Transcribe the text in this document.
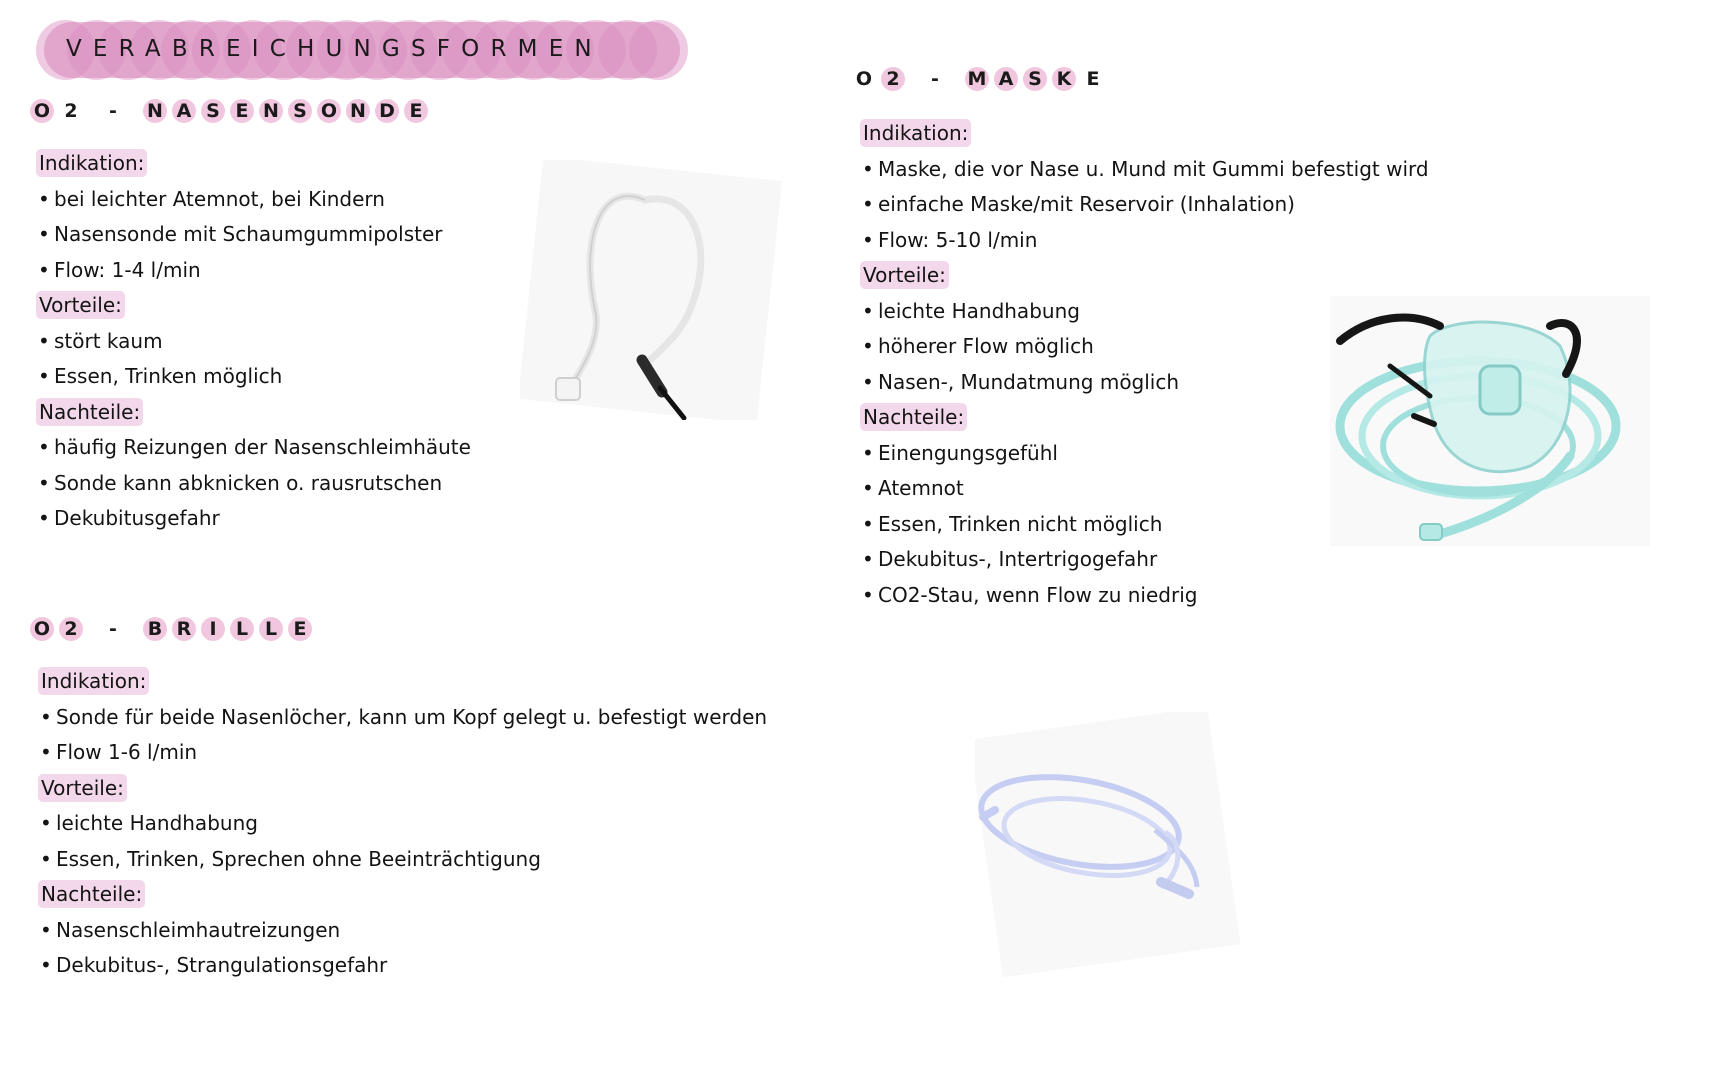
VERABREICHUNGSFORMEN
O 2	-	N A S E N S O N D E
O 2	-	M A S K E
O 2	-	B R I	L L E
Indikation:
• bei leichter Atemnot, bei Kindern
• Nasensonde mit Schaumgummipolster
• Flow: 1-4 l/min
Vorteile:
• stört kaum
• Essen, Trinken möglich
Nachteile:
• häufig Reizungen der Nasenschleimhäute
• Sonde kann abknicken o. rausrutschen
• Dekubitusgefahr
Indikation:
• Maske, die vor Nase u. Mund mit Gummi befestigt wird
• einfache Maske/mit Reservoir (Inhalation)
• Flow: 5-10 l/min
Vorteile:
• leichte Handhabung
• höherer Flow möglich
• Nasen-, Mundatmung möglich
Nachteile:
• Einengungsgefühl
• Atemnot
• Essen, Trinken nicht möglich
• Dekubitus-, Intertrigogefahr
• CO2-Stau, wenn Flow zu niedrig
Indikation:
• Sonde für beide Nasenlöcher, kann um Kopf gelegt u. befestigt werden
• Flow 1-6 l/min
Vorteile:
• leichte Handhabung
• Essen, Trinken, Sprechen ohne Beeinträchtigung
Nachteile:
• Nasenschleimhautreizungen
• Dekubitus-, Strangulationsgefahr
